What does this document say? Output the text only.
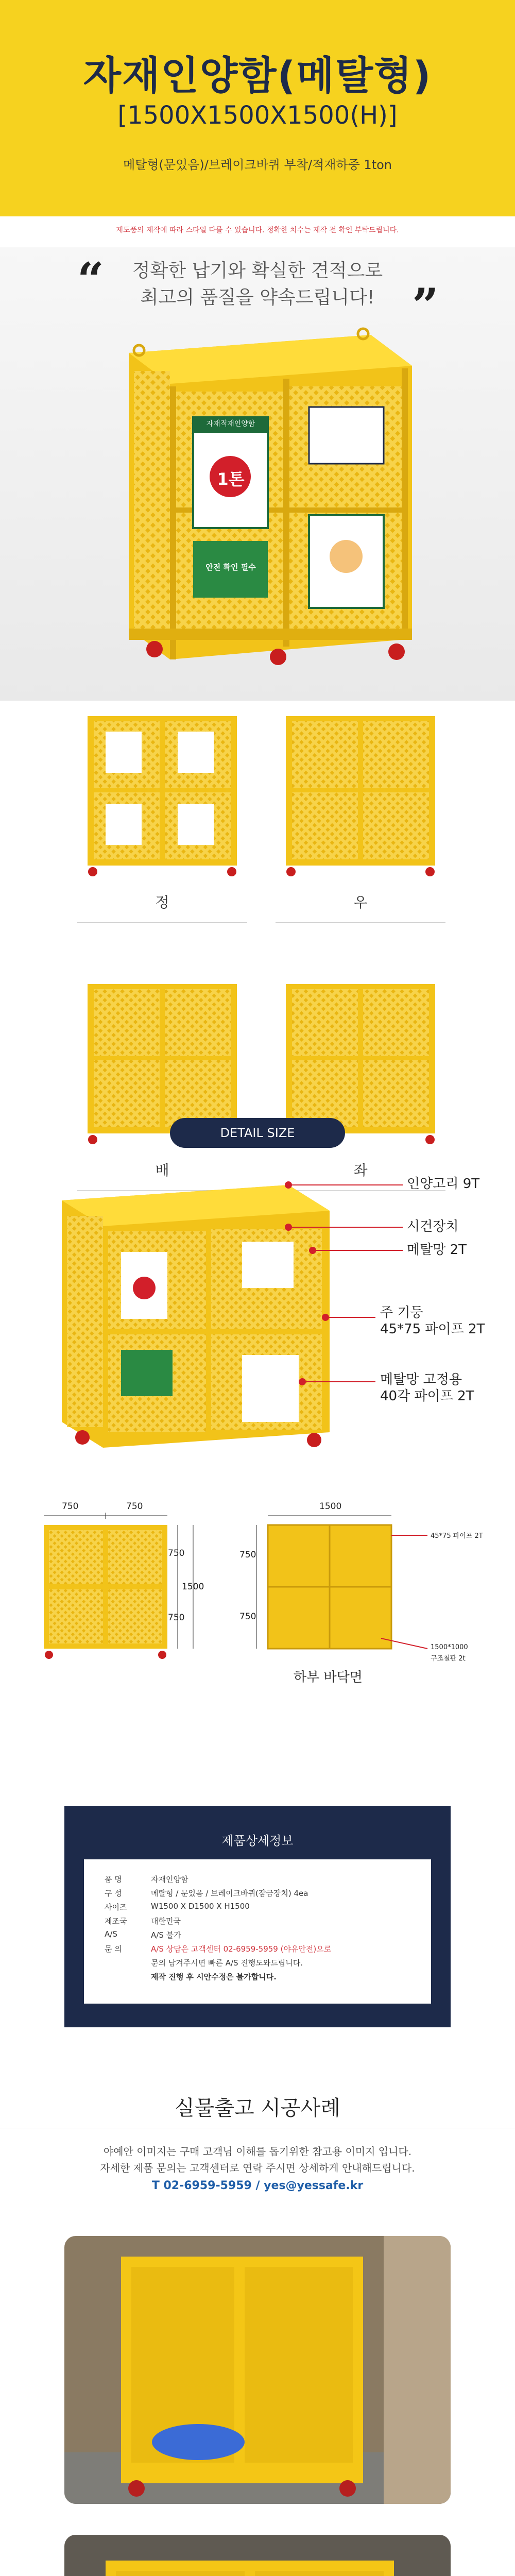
자재인양함(메탈형)
[1500X1500X1500(H)]
메탈형(문있음)/브레이크바퀴 부착/적재하중 1ton
제도품의 제작에 따라 스타일 다를 수 있습니다. 정확한 치수는 제작 전 확인 부탁드립니다.
“	”
정확한 납기와 확실한 견적으로
최고의 품질을 약속드립니다!
자재적재인양함
1톤
안전 확인 필수
정	우
배	좌
DETAIL SIZE
인양고리 9T
시건장치
메탈망 2T
주 기둥
45*75 파이프 2T
메탈망 고정용
40각 파이프 2T
750	750
750
1500
750
1500
750
750
45*75 파이프 2T
1500*1000
구조철판 2t
하부 바닥면
제품상세정보
품 명	자재인양함
구 성	메탈형 / 문있음 / 브레이크바퀴(잠금장치) 4ea
사이즈	W1500 X D1500 X H1500
제조국	대한민국
A/S	A/S 불가
문 의	A/S 상담은 고객센터 02-6959-5959 (야유안전)으로
문의 남겨주시면 빠른 A/S 진행도와드립니다.
제작 진행 후 시안수정은 불가합니다.
실물출고 시공사례
야예안 이미지는 구매 고객님 이해를 돕기위한 참고용 이미지 입니다.
자세한 제품 문의는 고객센터로 연락 주시면 상세하게 안내해드립니다.
T 02-6959-5959 / yes@yessafe.kr
